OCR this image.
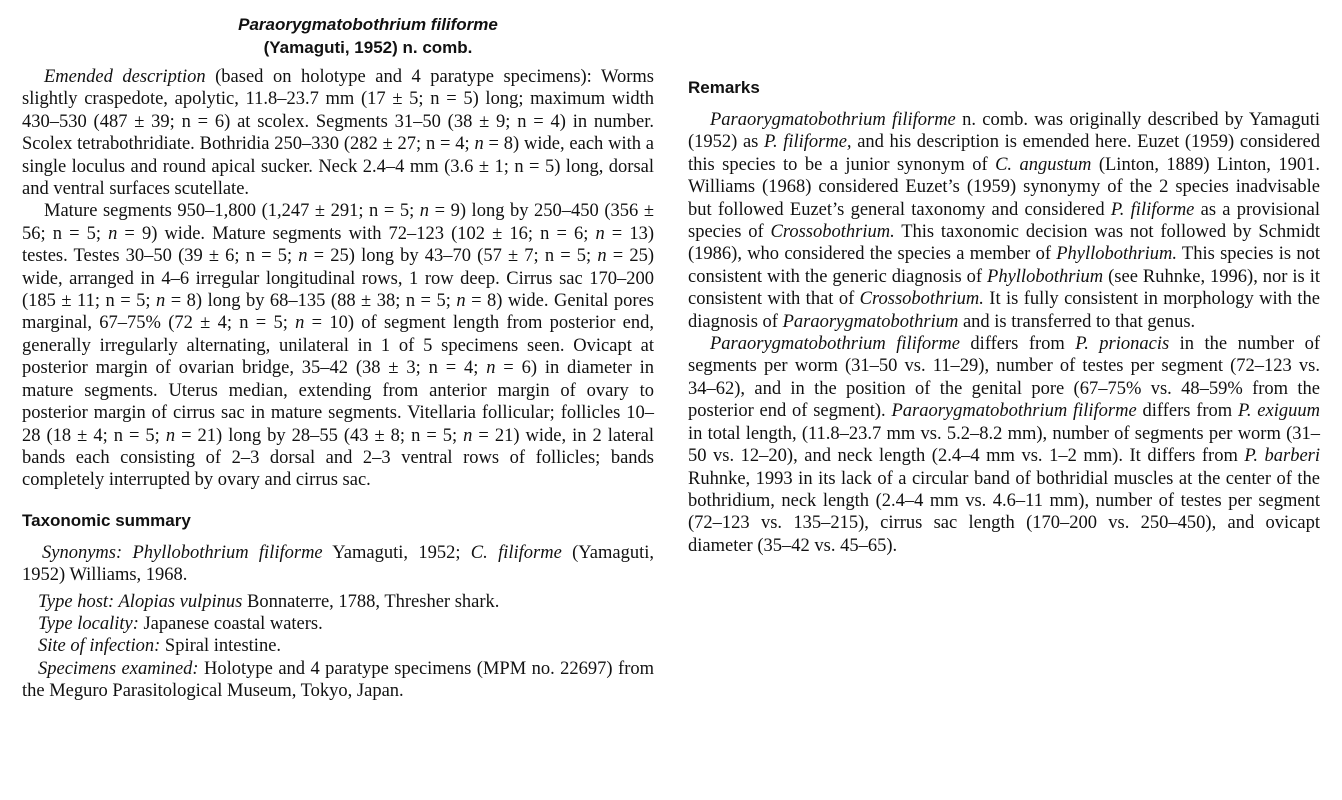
Paraorygmatobothrium filiforme
(Yamaguti, 1952) n. comb.

Emended description (based on holotype and 4 paratype specimens): Worms slightly craspedote, apolytic, 11.8–23.7 mm (17 ± 5; n = 5) long; maximum width 430–530 (487 ± 39; n = 6) at scolex. Segments 31–50 (38 ± 9; n = 4) in number. Scolex tetrabothridiate. Bothridia 250–330 (282 ± 27; n = 4; n = 8) wide, each with a single loculus and round apical sucker. Neck 2.4–4 mm (3.6 ± 1; n = 5) long, dorsal and ventral surfaces scutellate.

Mature segments 950–1,800 (1,247 ± 291; n = 5; n = 9) long by 250–450 (356 ± 56; n = 5; n = 9) wide. Mature segments with 72–123 (102 ± 16; n = 6; n = 13) testes. Testes 30–50 (39 ± 6; n = 5; n = 25) long by 43–70 (57 ± 7; n = 5; n = 25) wide, arranged in 4–6 irregular longitudinal rows, 1 row deep. Cirrus sac 170–200 (185 ± 11; n = 5; n = 8) long by 68–135 (88 ± 38; n = 5; n = 8) wide. Genital pores marginal, 67–75% (72 ± 4; n = 5; n = 10) of segment length from posterior end, generally irregularly alternating, unilateral in 1 of 5 specimens seen. Ovicapt at posterior margin of ovarian bridge, 35–42 (38 ± 3; n = 4; n = 6) in diameter in mature segments. Uterus median, extending from anterior margin of ovary to posterior margin of cirrus sac in mature segments. Vitellaria follicular; follicles 10–28 (18 ± 4; n = 5; n = 21) long by 28–55 (43 ± 8; n = 5; n = 21) wide, in 2 lateral bands each consisting of 2–3 dorsal and 2–3 ventral rows of follicles; bands completely interrupted by ovary and cirrus sac.

Taxonomic summary

Synonyms: Phyllobothrium filiforme Yamaguti, 1952; C. filiforme (Yamaguti, 1952) Williams, 1968.

Type host: Alopias vulpinus Bonnaterre, 1788, Thresher shark.

Type locality: Japanese coastal waters.

Site of infection: Spiral intestine.

Specimens examined: Holotype and 4 paratype specimens (MPM no. 22697) from the Meguro Parasitological Museum, Tokyo, Japan.

Remarks

Paraorygmatobothrium filiforme n. comb. was originally described by Yamaguti (1952) as P. filiforme, and his description is emended here. Euzet (1959) considered this species to be a junior synonym of C. angustum (Linton, 1889) Linton, 1901. Williams (1968) considered Euzet’s (1959) synonymy of the 2 species inadvisable but followed Euzet’s general taxonomy and considered P. filiforme as a provisional species of Crossobothrium. This taxonomic decision was not followed by Schmidt (1986), who considered the species a member of Phyllobothrium. This species is not consistent with the generic diagnosis of Phyllobothrium (see Ruhnke, 1996), nor is it consistent with that of Crossobothrium. It is fully consistent in morphology with the diagnosis of Paraorygmatobothrium and is transferred to that genus.

Paraorygmatobothrium filiforme differs from P. prionacis in the number of segments per worm (31–50 vs. 11–29), number of testes per segment (72–123 vs. 34–62), and in the position of the genital pore (67–75% vs. 48–59% from the posterior end of segment). Paraorygmatobothrium filiforme differs from P. exiguum in total length, (11.8–23.7 mm vs. 5.2–8.2 mm), number of segments per worm (31–50 vs. 12–20), and neck length (2.4–4 mm vs. 1–2 mm). It differs from P. barberi Ruhnke, 1993 in its lack of a circular band of bothridial muscles at the center of the bothridium, neck length (2.4–4 mm vs. 4.6–11 mm), number of testes per segment (72–123 vs. 135–215), cirrus sac length (170–200 vs. 250–450), and ovicapt diameter (35–42 vs. 45–65).
